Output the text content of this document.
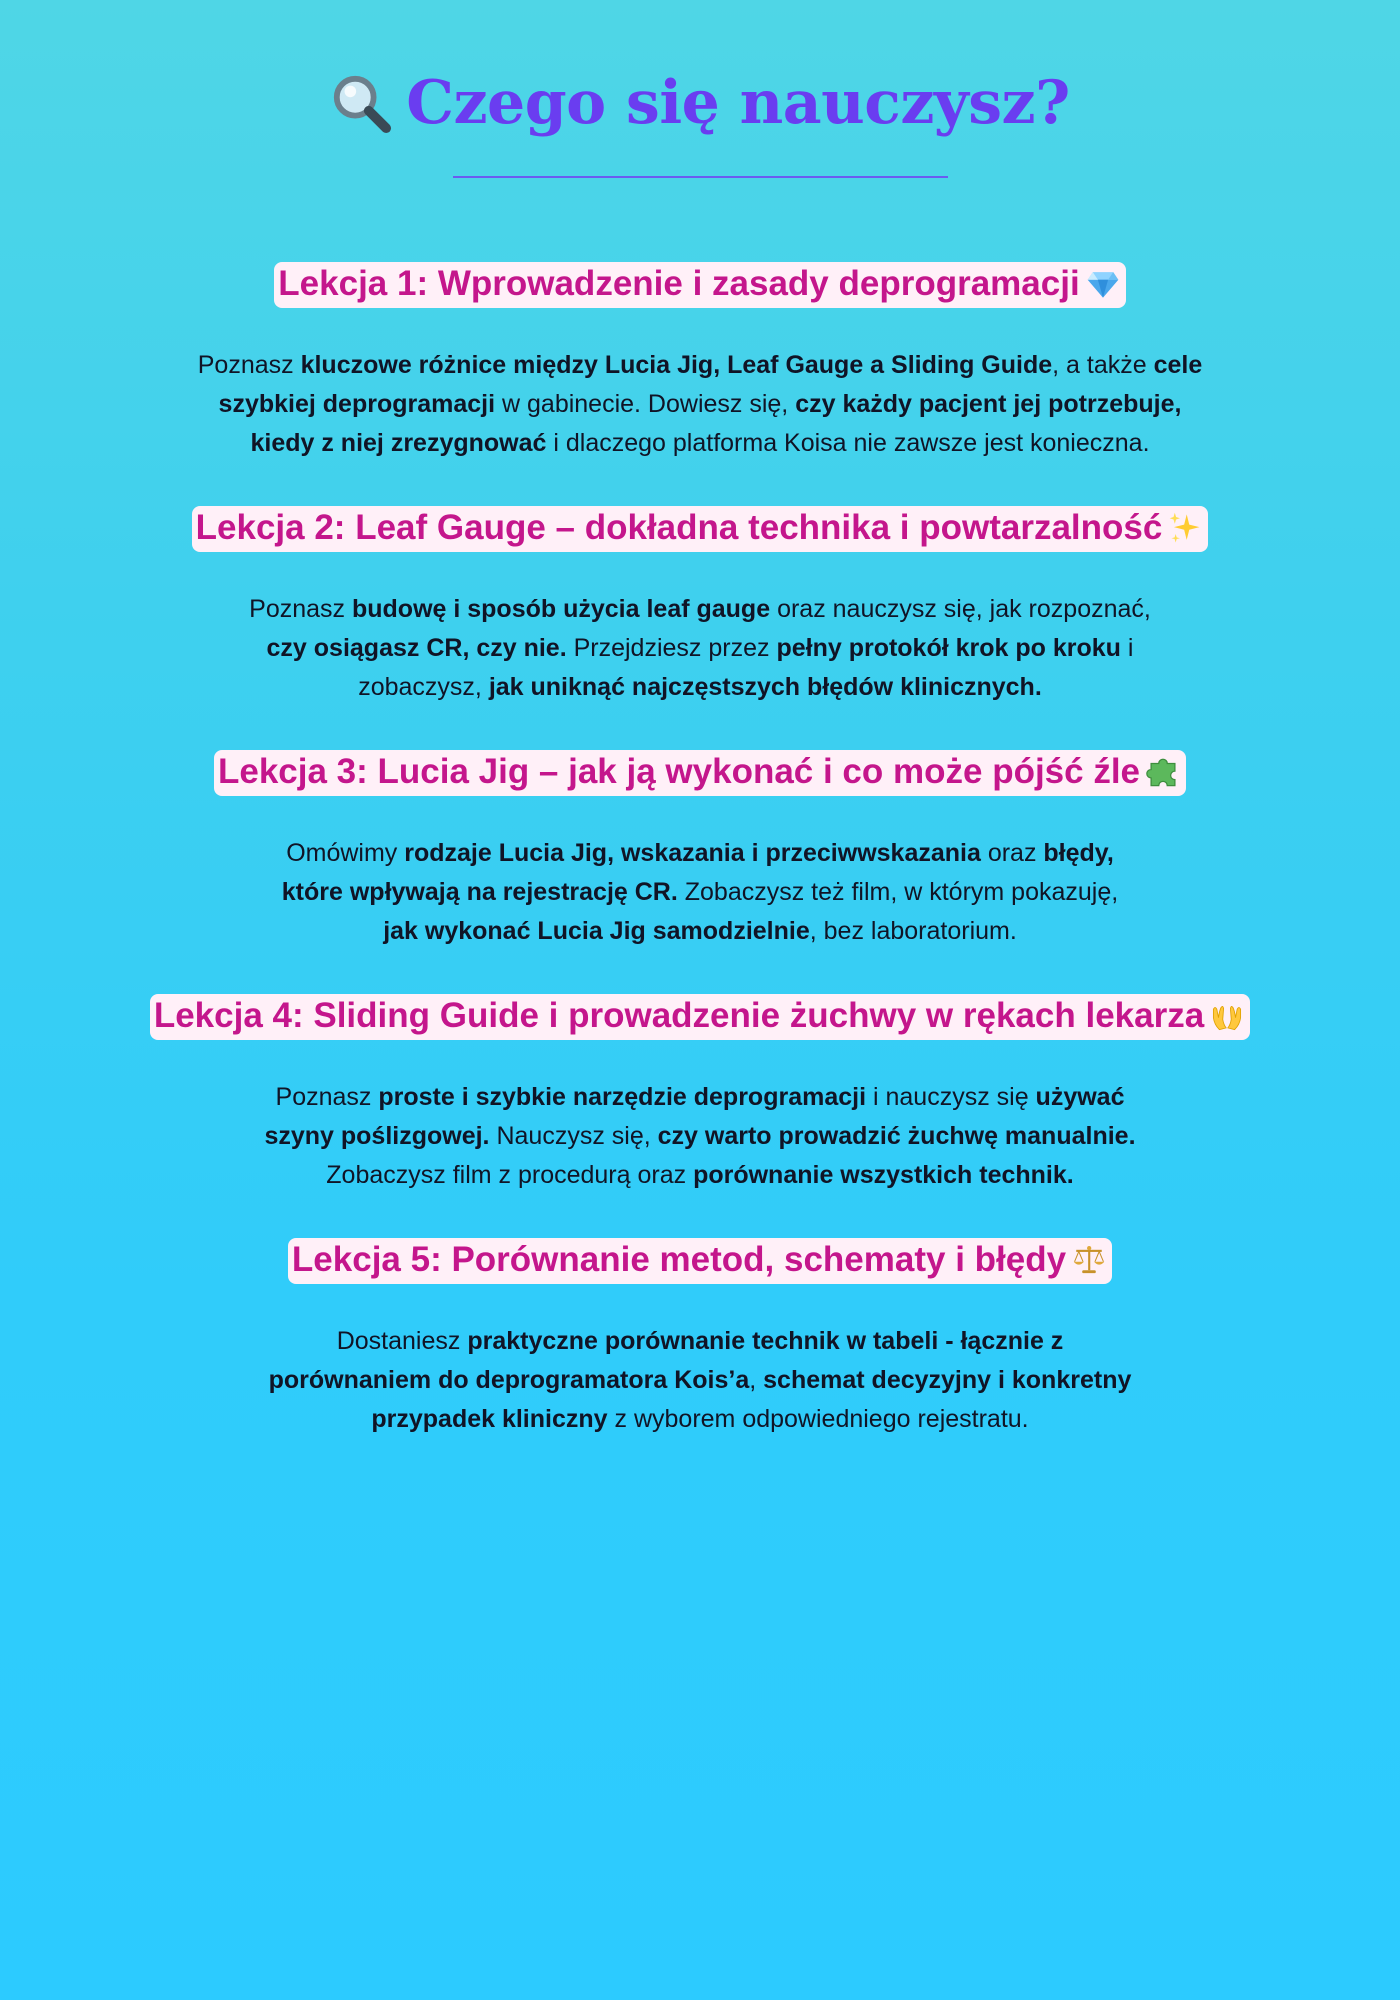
Czego się nauczysz?
Lekcja 1: Wprowadzenie i zasady deprogramacji
Poznasz kluczowe różnice między Lucia Jig, Leaf Gauge a Sliding Guide, a także cele
szybkiej deprogramacji w gabinecie. Dowiesz się, czy każdy pacjent jej potrzebuje,
kiedy z niej zrezygnować i dlaczego platforma Koisa nie zawsze jest konieczna.
Lekcja 2: Leaf Gauge – dokładna technika i powtarzalność
Poznasz budowę i sposób użycia leaf gauge oraz nauczysz się, jak rozpoznać,
czy osiągasz CR, czy nie. Przejdziesz przez pełny protokół krok po kroku i
zobaczysz, jak uniknąć najczęstszych błędów klinicznych.
Lekcja 3: Lucia Jig – jak ją wykonać i co może pójść źle
Omówimy rodzaje Lucia Jig, wskazania i przeciwwskazania oraz błędy,
które wpływają na rejestrację CR. Zobaczysz też film, w którym pokazuję,
jak wykonać Lucia Jig samodzielnie, bez laboratorium.
Lekcja 4: Sliding Guide i prowadzenie żuchwy w rękach lekarza
Poznasz proste i szybkie narzędzie deprogramacji i nauczysz się używać
szyny poślizgowej. Nauczysz się, czy warto prowadzić żuchwę manualnie.
Zobaczysz film z procedurą oraz porównanie wszystkich technik.
Lekcja 5: Porównanie metod, schematy i błędy
Dostaniesz praktyczne porównanie technik w tabeli - łącznie z
porównaniem do deprogramatora Kois’a, schemat decyzyjny i konkretny
przypadek kliniczny z wyborem odpowiedniego rejestratu.
